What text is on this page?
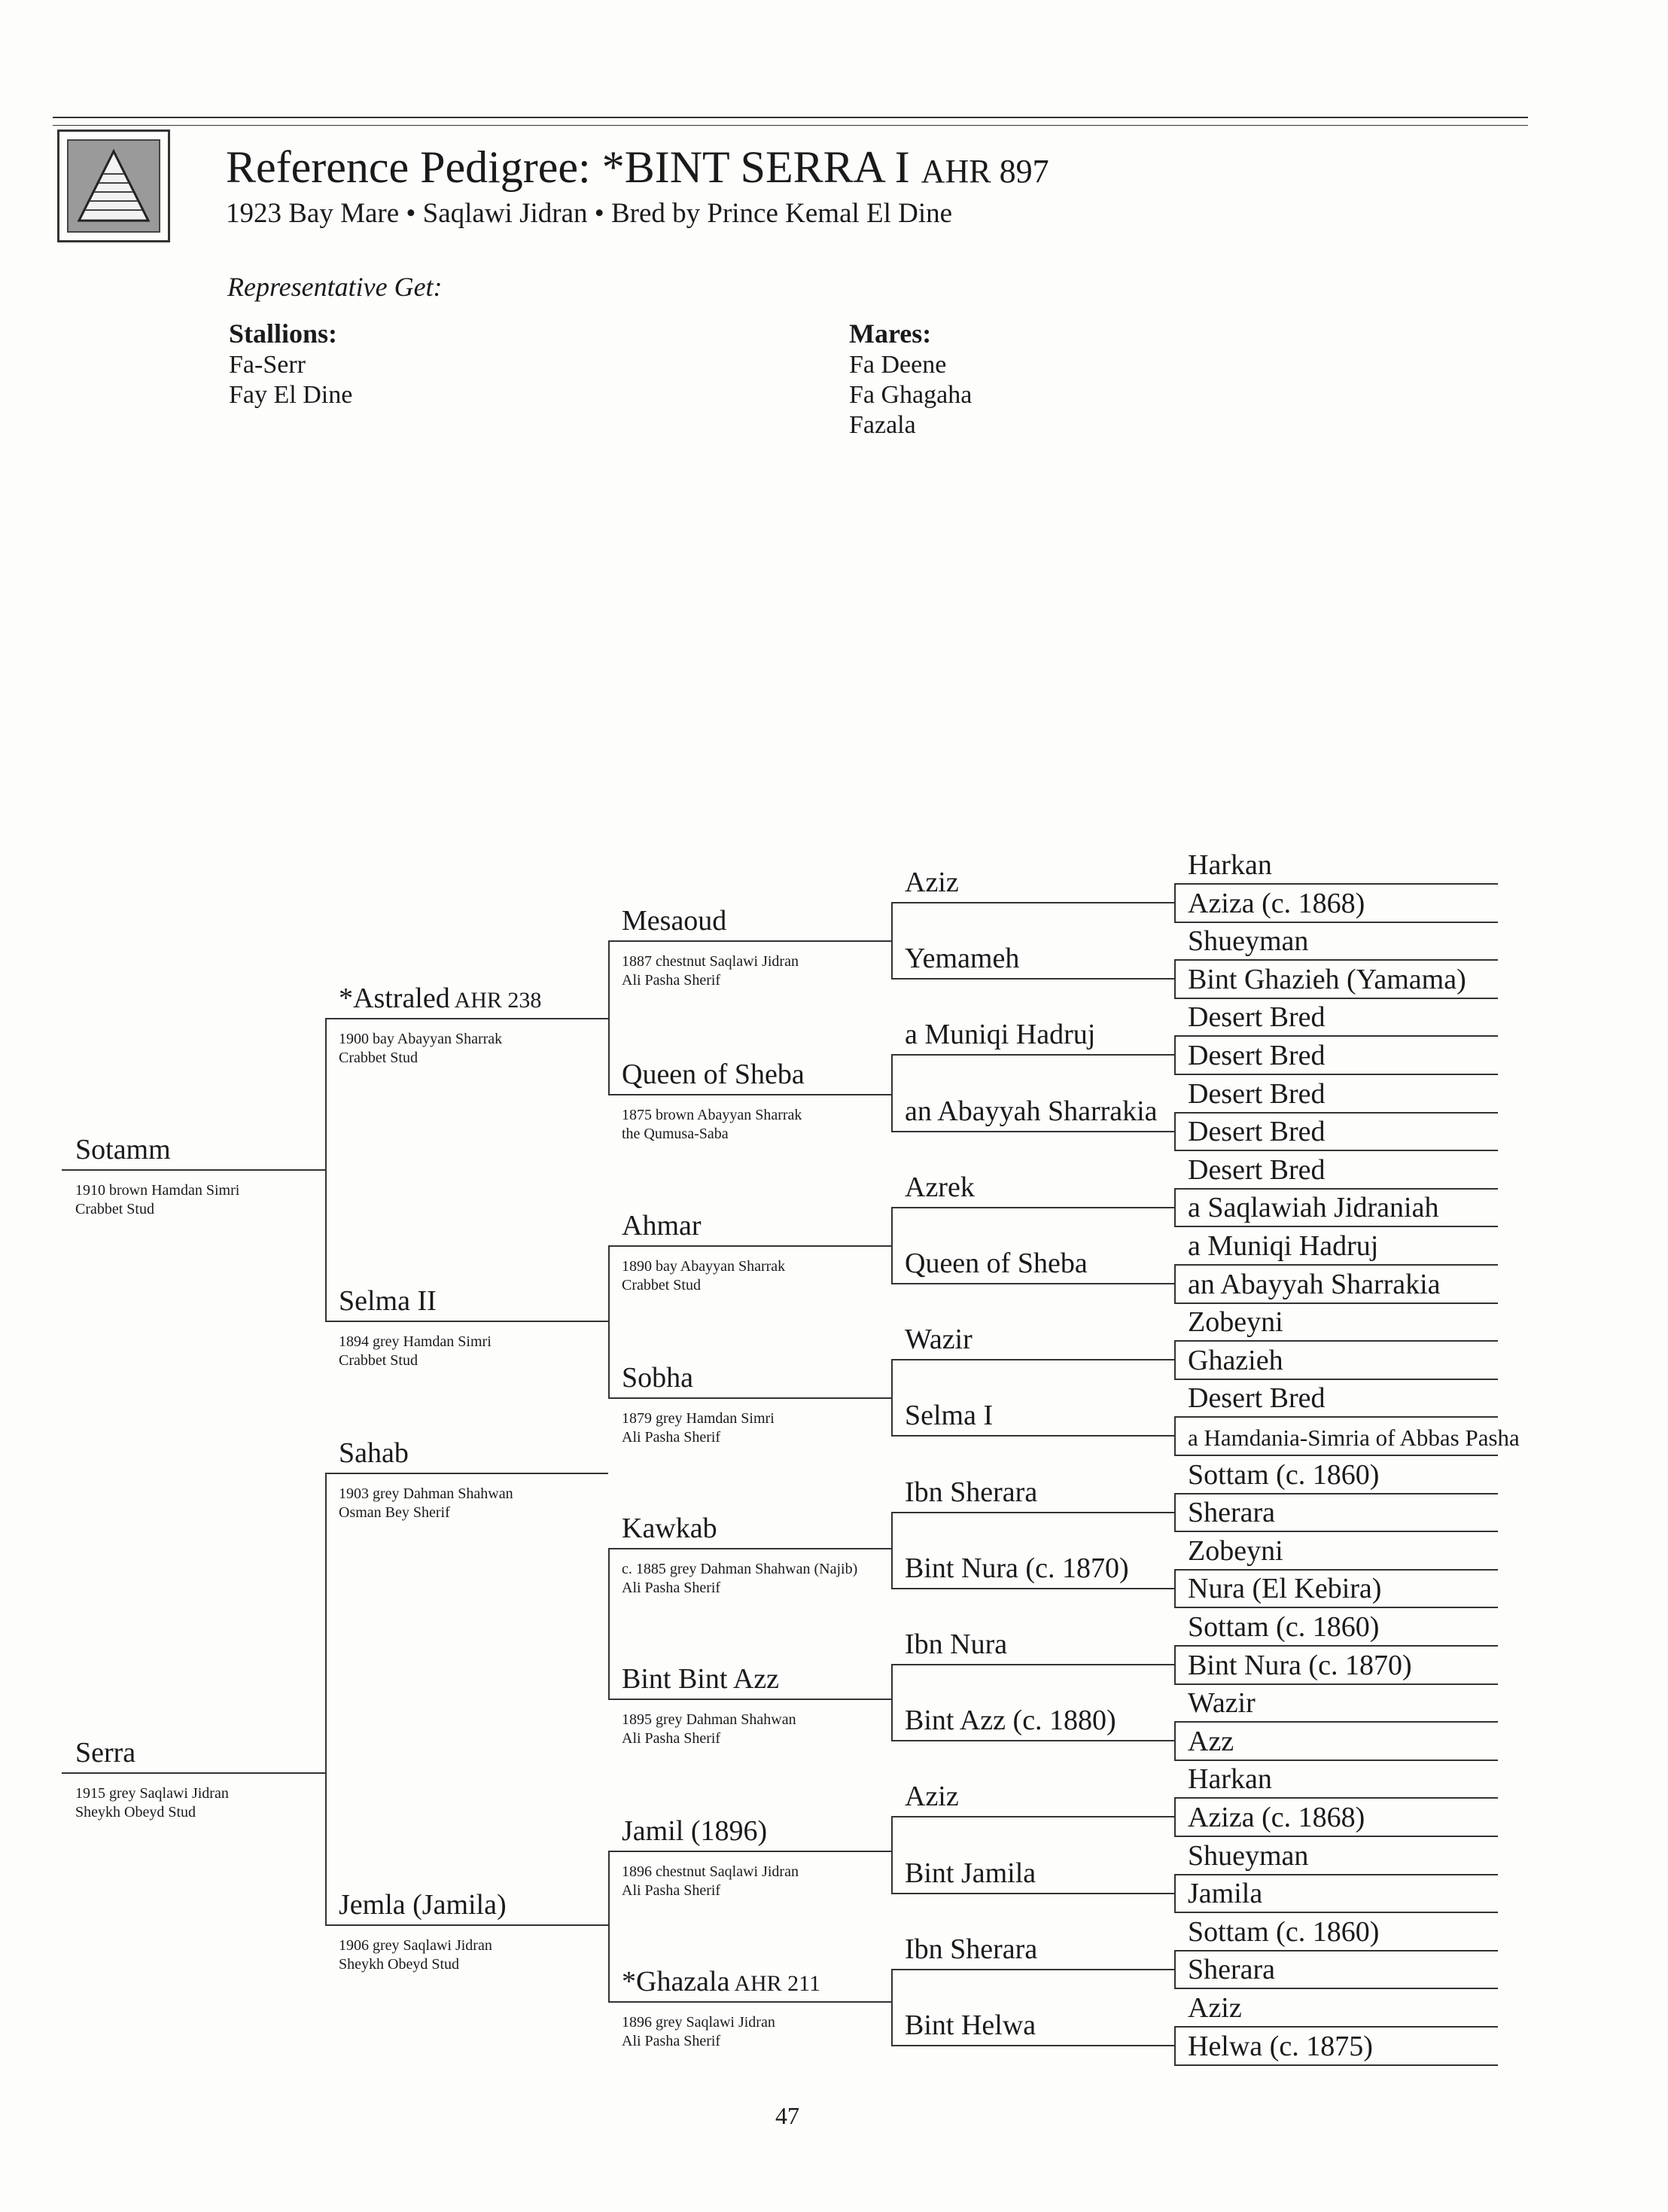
Reference Pedigree: *BINT SERRA I AHR 897
1923 Bay Mare • Saqlawi Jidran • Bred by Prince Kemal El Dine
Representative Get:
Stallions:
Fa-Serr
Fay El Dine
Mares:
Fa Deene
Fa Ghagaha
Fazala
Sotamm
1910 brown Hamdan Simri
Crabbet Stud
Serra
1915 grey Saqlawi Jidran
Sheykh Obeyd Stud
*Astraled AHR 238
1900 bay Abayyan Sharrak
Crabbet Stud
Selma II
1894 grey Hamdan Simri
Crabbet Stud
Sahab
1903 grey Dahman Shahwan
Osman Bey Sherif
Jemla (Jamila)
1906 grey Saqlawi Jidran
Sheykh Obeyd Stud
Mesaoud
1887 chestnut Saqlawi Jidran
Ali Pasha Sherif
Queen of Sheba
1875 brown Abayyan Sharrak
the Qumusa-Saba
Ahmar
1890 bay Abayyan Sharrak
Crabbet Stud
Sobha
1879 grey Hamdan Simri
Ali Pasha Sherif
Kawkab
c. 1885 grey Dahman Shahwan (Najib)
Ali Pasha Sherif
Bint Bint Azz
1895 grey Dahman Shahwan
Ali Pasha Sherif
Jamil (1896)
1896 chestnut Saqlawi Jidran
Ali Pasha Sherif
*Ghazala AHR 211
1896 grey Saqlawi Jidran
Ali Pasha Sherif
Aziz
Yemameh
a Muniqi Hadruj
an Abayyah Sharrakia
Azrek
Queen of Sheba
Wazir
Selma I
Ibn Sherara
Bint Nura (c. 1870)
Ibn Nura
Bint Azz (c. 1880)
Aziz
Bint Jamila
Ibn Sherara
Bint Helwa
Harkan
Aziza (c. 1868)
Shueyman
Bint Ghazieh (Yamama)
Desert Bred
Desert Bred
Desert Bred
Desert Bred
Desert Bred
a Saqlawiah Jidraniah
a Muniqi Hadruj
an Abayyah Sharrakia
Zobeyni
Ghazieh
Desert Bred
a Hamdania-Simria of Abbas Pasha
Sottam (c. 1860)
Sherara
Zobeyni
Nura (El Kebira)
Sottam (c. 1860)
Bint Nura (c. 1870)
Wazir
Azz
Harkan
Aziza (c. 1868)
Shueyman
Jamila
Sottam (c. 1860)
Sherara
Aziz
Helwa (c. 1875)
47
